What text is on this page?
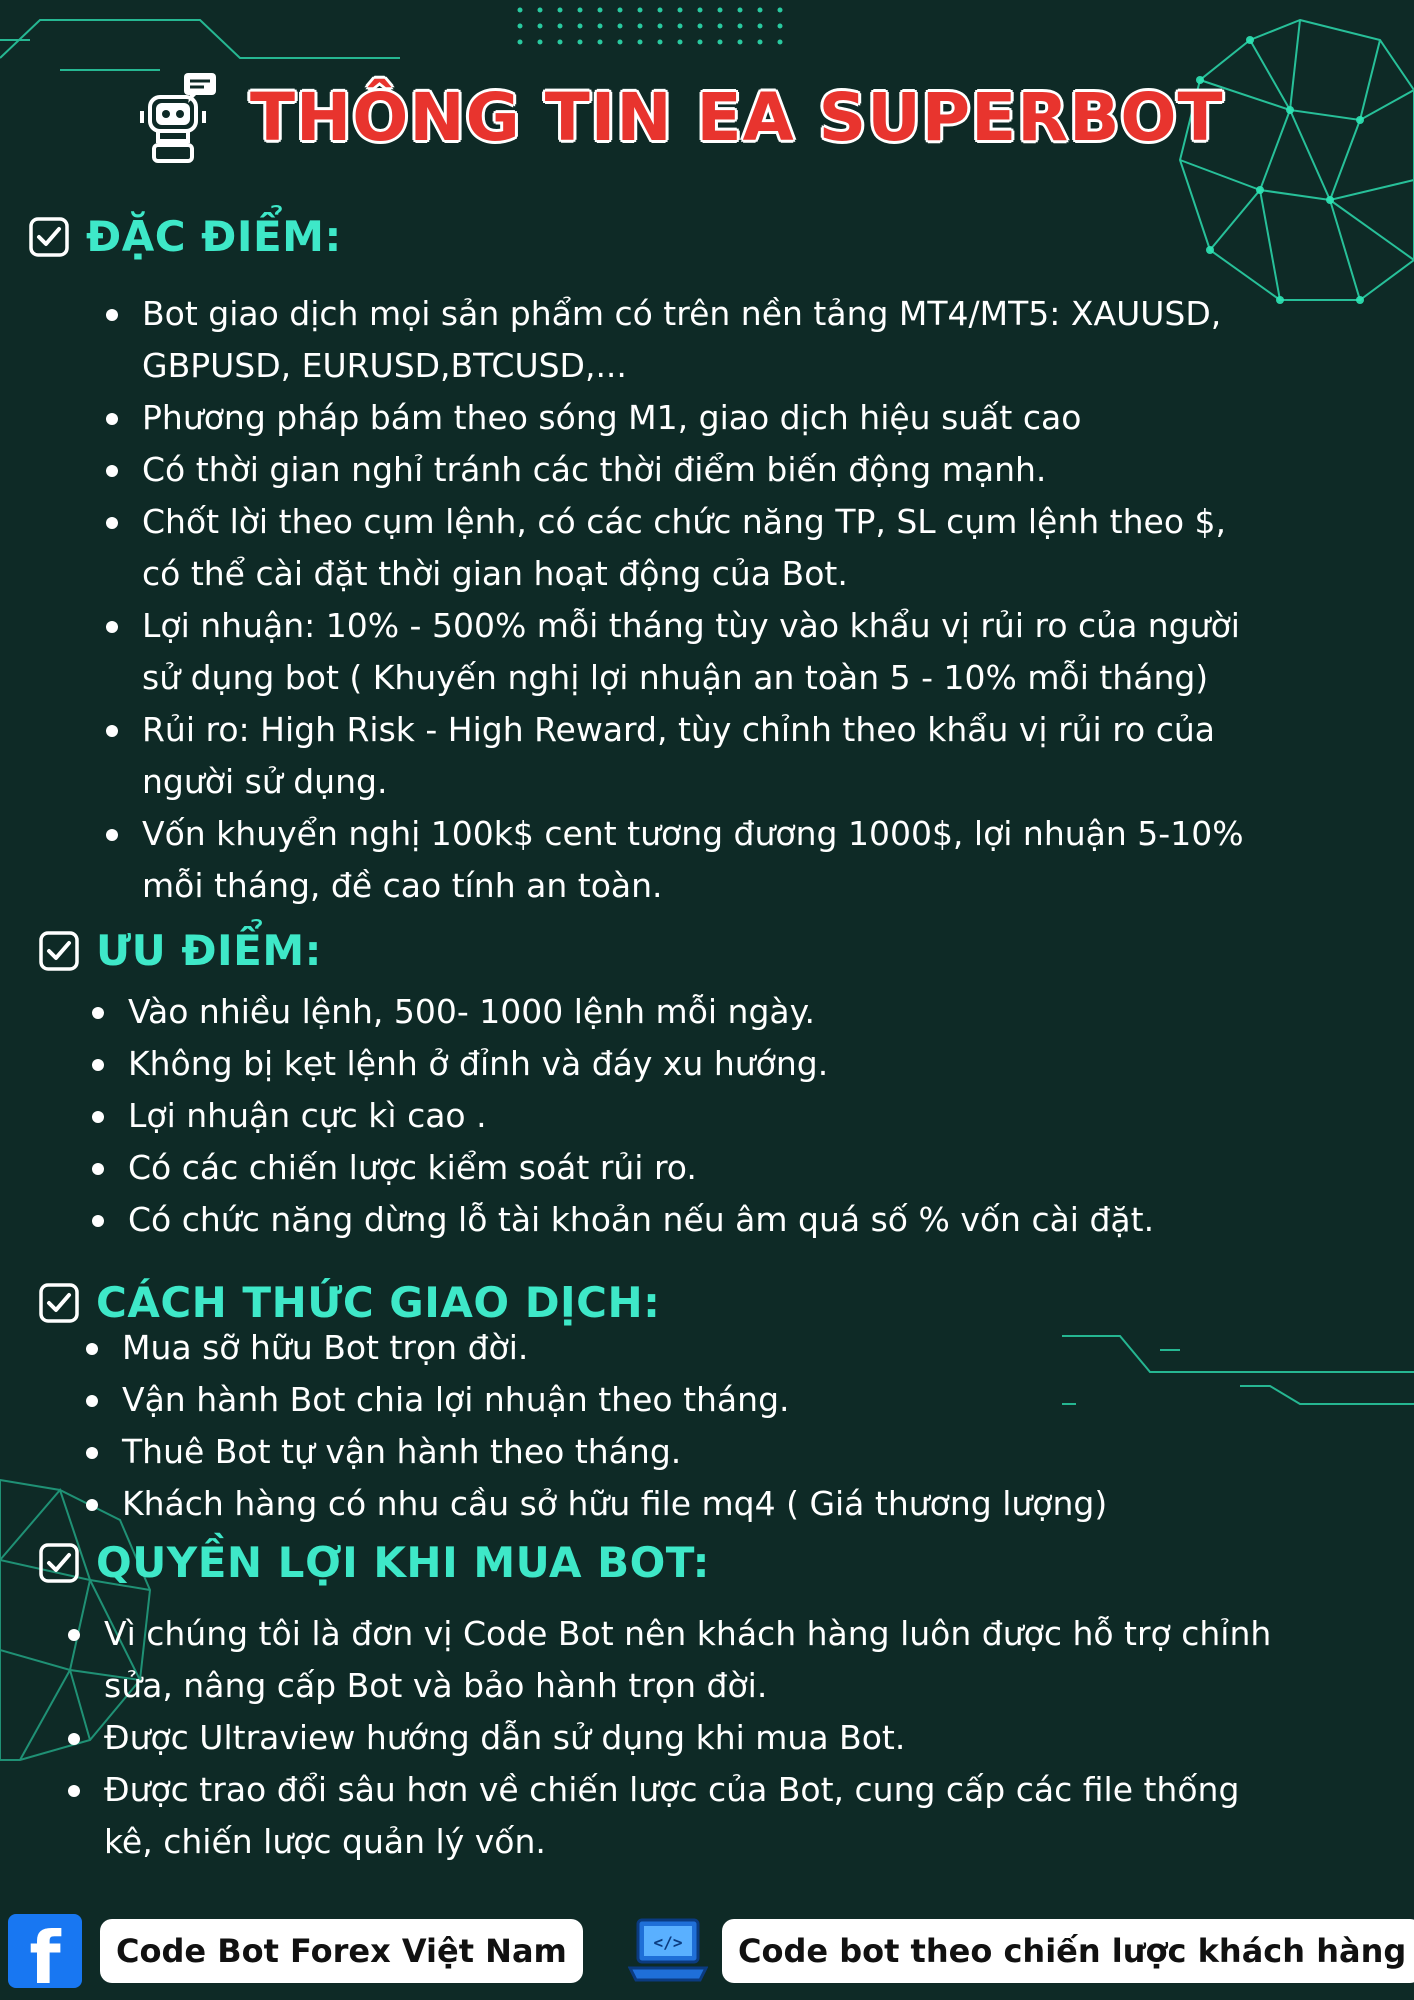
THÔNG TIN EA SUPERBOT
ĐẶC ĐIỂM:
Bot giao dịch mọi sản phẩm có trên nền tảng MT4/MT5: XAUUSD,
GBPUSD, EURUSD,BTCUSD,...
Phương pháp bám theo sóng M1, giao dịch hiệu suất cao
Có thời gian nghỉ tránh các thời điểm biến động mạnh.
Chốt lời theo cụm lệnh, có các chức năng TP, SL cụm lệnh theo $,
có thể cài đặt thời gian hoạt động của Bot.
Lợi nhuận: 10% - 500% mỗi tháng tùy vào khẩu vị rủi ro của người
sử dụng bot ( Khuyến nghị lợi nhuận an toàn 5 - 10% mỗi tháng)
Rủi ro: High Risk - High Reward, tùy chỉnh theo khẩu vị rủi ro của
người sử dụng.
Vốn khuyển nghị 100k$ cent tương đương 1000$, lợi nhuận 5-10%
mỗi tháng, đề cao tính an toàn.
ƯU ĐIỂM:
Vào nhiều lệnh, 500- 1000 lệnh mỗi ngày.
Không bị kẹt lệnh ở đỉnh và đáy xu hướng.
Lợi nhuận cực kì cao .
Có các chiến lược kiểm soát rủi ro.
Có chức năng dừng lỗ tài khoản nếu âm quá số % vốn cài đặt.
CÁCH THỨC GIAO DỊCH:
Mua sỡ hữu Bot trọn đời.
Vận hành Bot chia lợi nhuận theo tháng.
Thuê Bot tự vận hành theo tháng.
Khách hàng có nhu cầu sở hữu file mq4 ( Giá thương lượng)
QUYỀN LỢI KHI MUA BOT:
Vì chúng tôi là đơn vị Code Bot nên khách hàng luôn được hỗ trợ chỉnh
sửa, nâng cấp Bot và bảo hành trọn đời.
Được Ultraview hướng dẫn sử dụng khi mua Bot.
Được trao đổi sâu hơn về chiến lược của Bot, cung cấp các file thống
kê, chiến lược quản lý vốn.
f	Code Bot Forex Việt Nam	</>	Code bot theo chiến lược khách hàng
